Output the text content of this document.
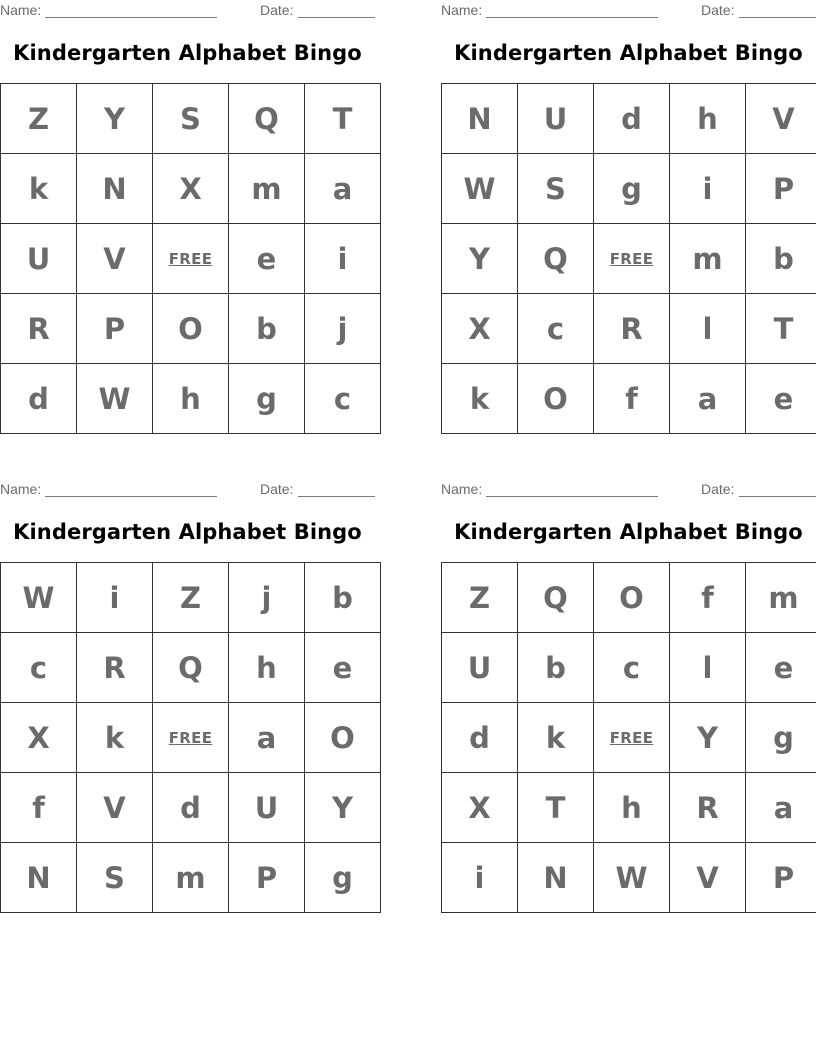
Name:	Date:
Kindergarten Alphabet Bingo
Z	Y	S	Q	T
k	N	X	m	a
U	V	FREE	e	i
R	P	O	b	j
d	W	h	g	c
Name:	Date:
Kindergarten Alphabet Bingo
N	U	d	h	V
W	S	g	i	P
Y	Q	FREE	m	b
X	c	R	l	T
k	O	f	a	e
Name:	Date:
Kindergarten Alphabet Bingo
W	i	Z	j	b
c	R	Q	h	e
X	k	FREE	a	O
f	V	d	U	Y
N	S	m	P	g
Name:	Date:
Kindergarten Alphabet Bingo
Z	Q	O	f	m
U	b	c	l	e
d	k	FREE	Y	g
X	T	h	R	a
i	N	W	V	P
